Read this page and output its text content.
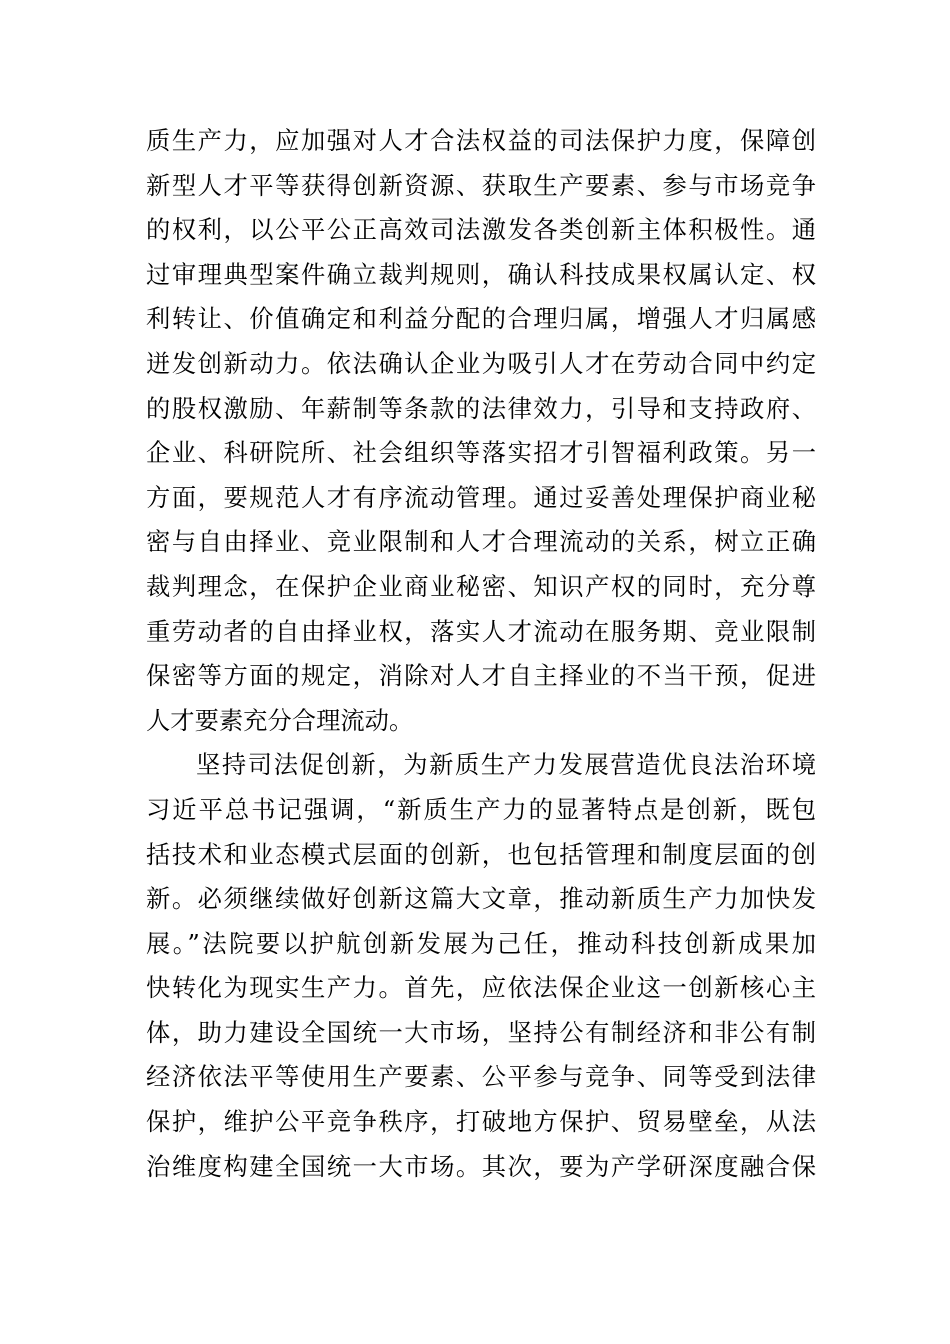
质生产力，应加强对人才合法权益的司法保护力度，保障创
新型人才平等获得创新资源、获取生产要素、参与市场竞争
的权利，以公平公正高效司法激发各类创新主体积极性。通
过审理典型案件确立裁判规则，确认科技成果权属认定、权
利转让、价值确定和利益分配的合理归属，增强人才归属感
迸发创新动力。依法确认企业为吸引人才在劳动合同中约定
的股权激励、年薪制等条款的法律效力，引导和支持政府、
企业、科研院所、社会组织等落实招才引智福利政策。另一
方面，要规范人才有序流动管理。通过妥善处理保护商业秘
密与自由择业、竞业限制和人才合理流动的关系，树立正确
裁判理念，在保护企业商业秘密、知识产权的同时，充分尊
重劳动者的自由择业权，落实人才流动在服务期、竞业限制
保密等方面的规定，消除对人才自主择业的不当干预，促进
人才要素充分合理流动。
坚持司法促创新，为新质生产力发展营造优良法治环境
习近平总书记强调，“新质生产力的显著特点是创新，既包
括技术和业态模式层面的创新，也包括管理和制度层面的创
新。必须继续做好创新这篇大文章，推动新质生产力加快发
展。”法院要以护航创新发展为己任，推动科技创新成果加
快转化为现实生产力。首先，应依法保企业这一创新核心主
体，助力建设全国统一大市场，坚持公有制经济和非公有制
经济依法平等使用生产要素、公平参与竞争、同等受到法律
保护，维护公平竞争秩序，打破地方保护、贸易壁垒，从法
治维度构建全国统一大市场。其次，要为产学研深度融合保
